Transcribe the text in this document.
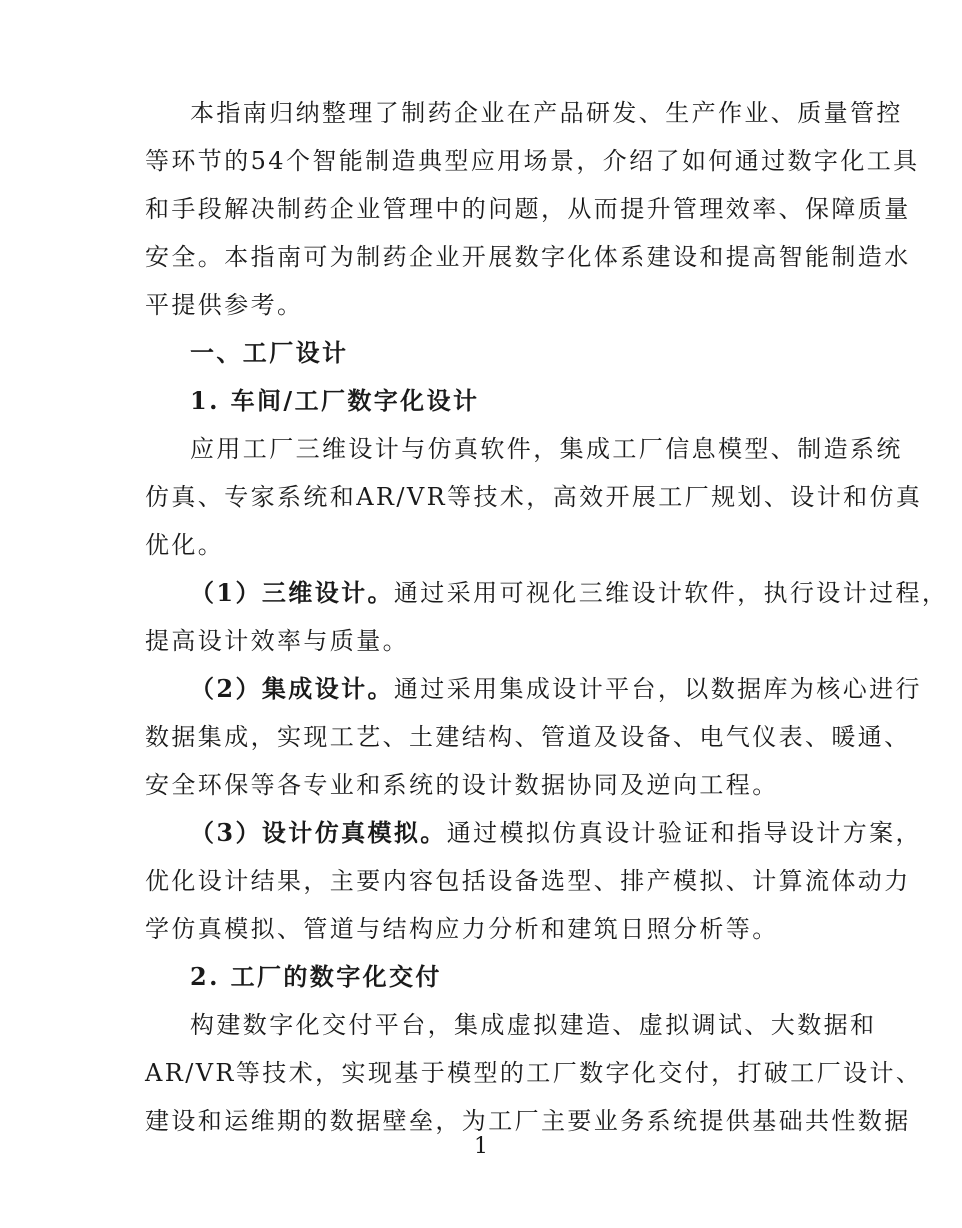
本指南归纳整理了制药企业在产品研发、生产作业、质量管控
等环节的54个智能制造典型应用场景，介绍了如何通过数字化工具
和手段解决制药企业管理中的问题，从而提升管理效率、保障质量
安全。本指南可为制药企业开展数字化体系建设和提高智能制造水
平提供参考。
一、工厂设计
1. 车间/工厂数字化设计
应用工厂三维设计与仿真软件，集成工厂信息模型、制造系统
仿真、专家系统和AR/VR等技术，高效开展工厂规划、设计和仿真
优化。
（1）三维设计。通过采用可视化三维设计软件，执行设计过程，
提高设计效率与质量。
（2）集成设计。通过采用集成设计平台，以数据库为核心进行
数据集成，实现工艺、土建结构、管道及设备、电气仪表、暖通、
安全环保等各专业和系统的设计数据协同及逆向工程。
（3）设计仿真模拟。通过模拟仿真设计验证和指导设计方案，
优化设计结果，主要内容包括设备选型、排产模拟、计算流体动力
学仿真模拟、管道与结构应力分析和建筑日照分析等。
2. 工厂的数字化交付
构建数字化交付平台，集成虚拟建造、虚拟调试、大数据和
AR/VR等技术，实现基于模型的工厂数字化交付，打破工厂设计、
建设和运维期的数据壁垒，为工厂主要业务系统提供基础共性数据
1
